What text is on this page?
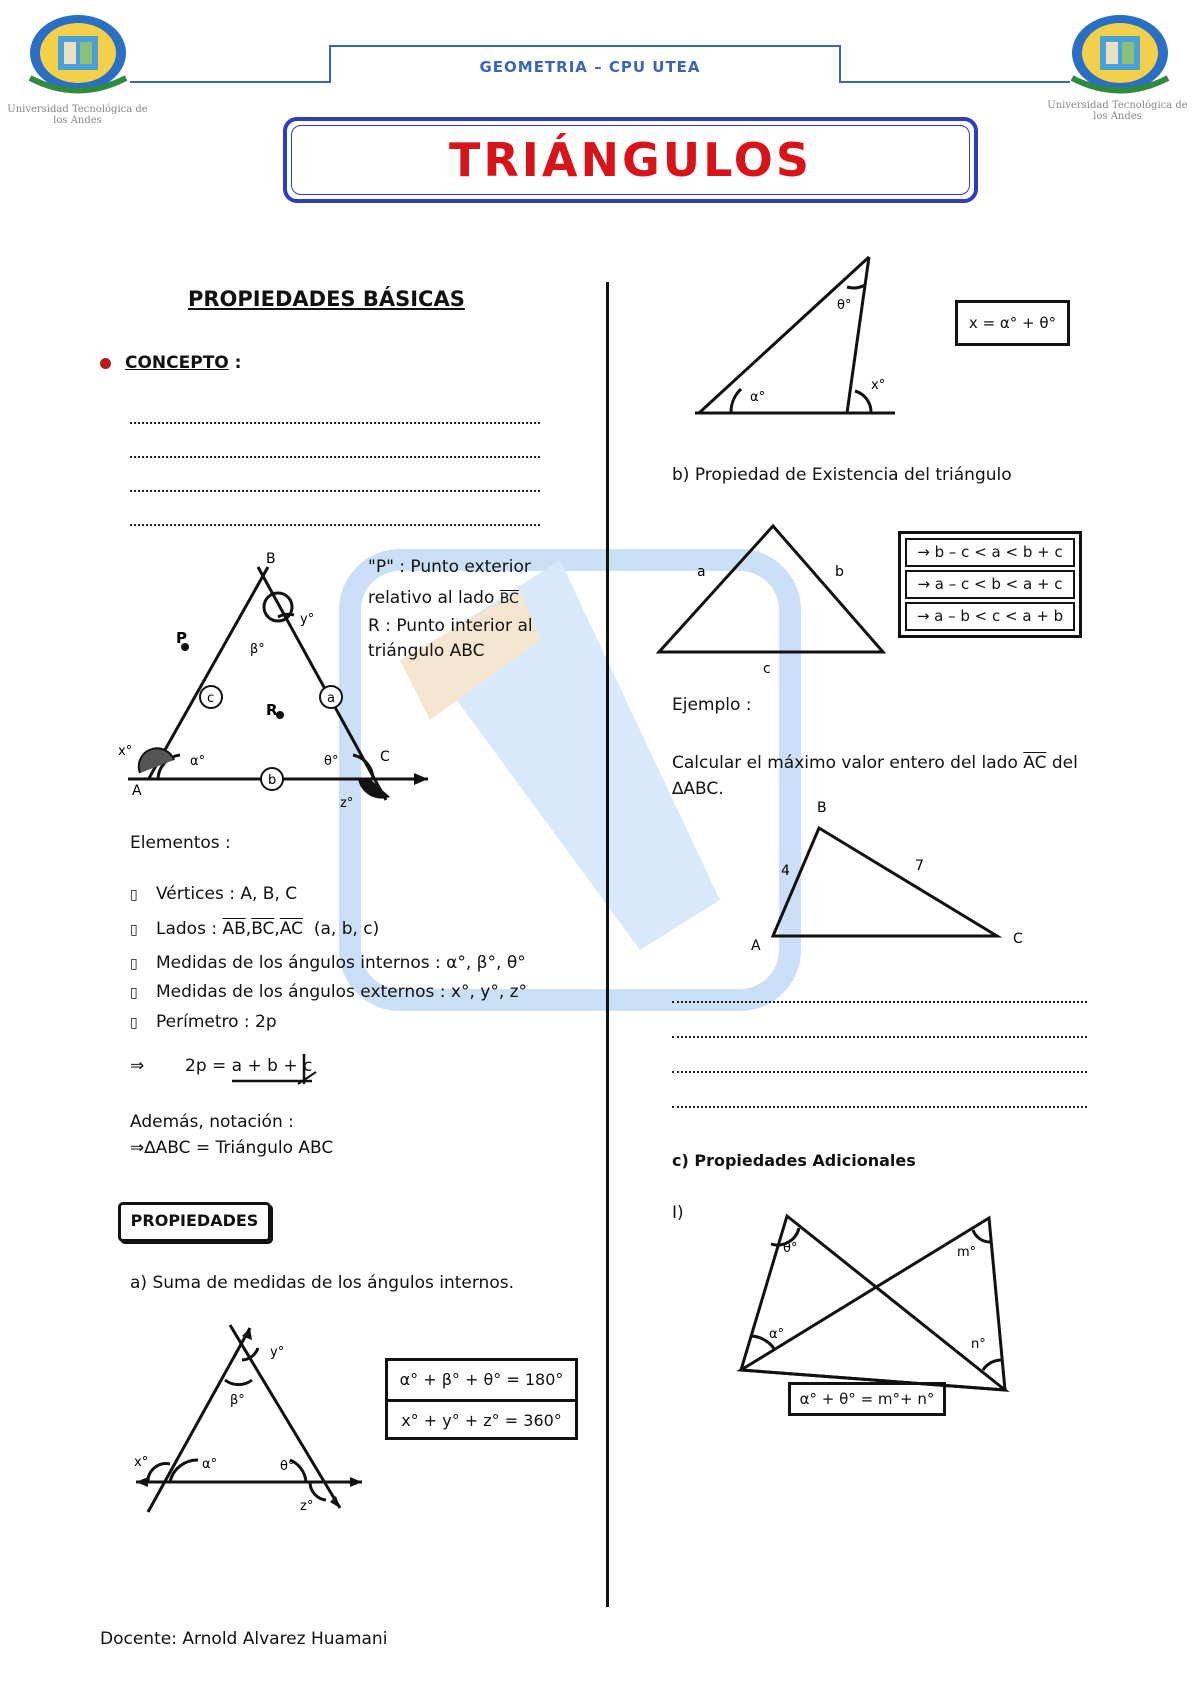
Universidad Tecnológica de los Andes
Universidad Tecnológica de los Andes
GEOMETRIA – CPU UTEA
TRIÁNGULOS
PROPIEDADES BÁSICAS
CONCEPTO :
B
A
C
P
R
a
b
c
α°
β°
θ°
x°
y°
z°
"P" : Punto exterior
relativo al lado $\overline{BC}$
R : Punto interior al
triángulo ABC
Elementos :
▯ Vértices : A, B, C
▯ Lados : $\overline{AB},\overline{BC},\overline{AC}$ (a, b, c)
▯ Medidas de los ángulos internos : α°, β°, θ°
▯ Medidas de los ángulos externos : x°, y°, z°
▯ Perímetro : 2p
⇒ 2p = a + b + c
Además, notación :
⇒∆ABC = Triángulo ABC
PROPIEDADES
a) Suma de medidas de los ángulos internos.
α°
β°
θ°
x°
y°
z°
α° + β° + θ° = 180°
x° + y° + z° = 360°
α°
θ°
x°
x = α° + θ°
b) Propiedad de Existencia del triángulo
a	b
c
→ b – c < a < b + c
→ a – c < b < a + c
→ a – b < c < a + b
Ejemplo :
Calcular el máximo valor entero del lado $\overline{AC}$ del
∆ABC.
B
A	C
4	7
c) Propiedades Adicionales
I)
θ°
α°
m°
n°
α° + θ° = m°+ n°
Docente: Arnold Alvarez Huamani
